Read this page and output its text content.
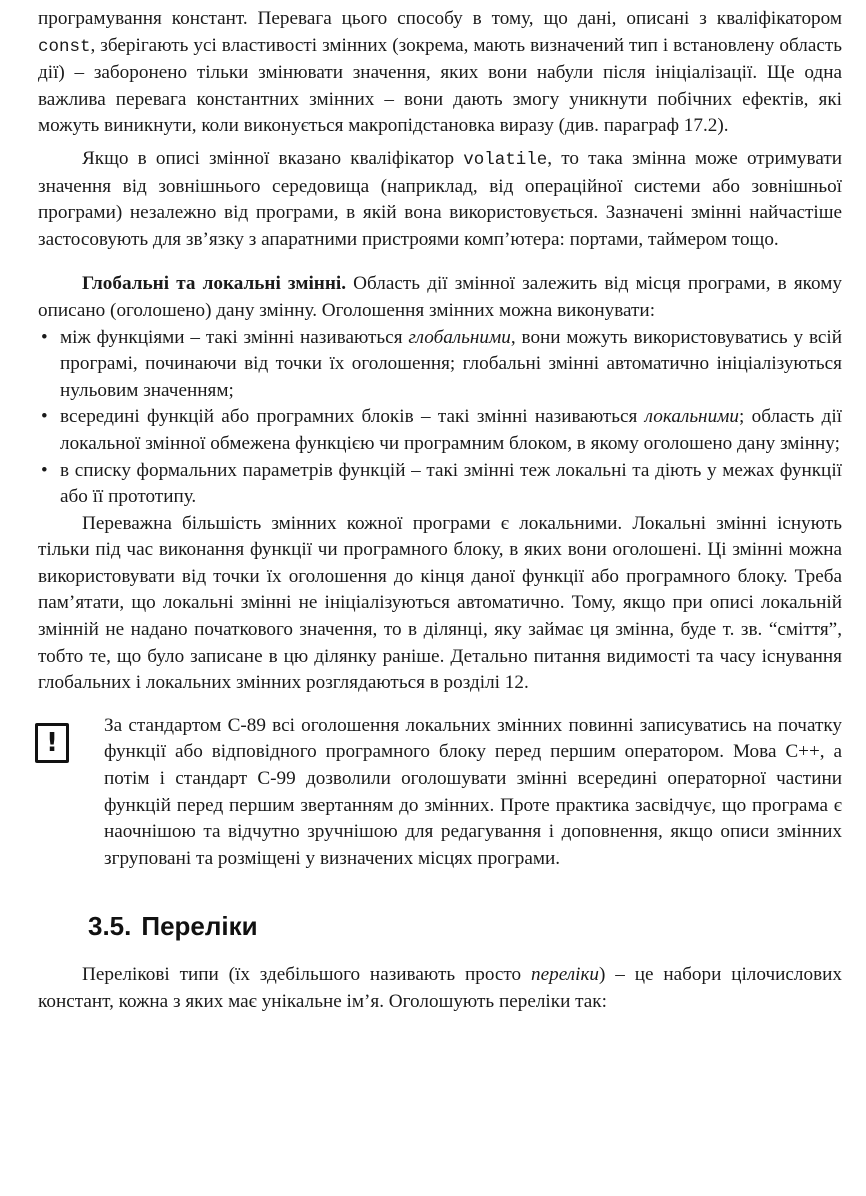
програмування констант. Перевага цього способу в тому, що дані, описані з кваліфікатором const, зберігають усі властивості змінних (зокрема, мають визначений тип і встановлену область дії) – заборонено тільки змінювати значення, яких вони набули після ініціалізації. Ще одна важлива перевага константних змінних – вони дають змогу уникнути побічних ефектів, які можуть виникнути, коли виконується макропідстановка виразу (див. параграф 17.2).

Якщо в описі змінної вказано кваліфікатор volatile, то така змінна може отримувати значення від зовнішнього середовища (наприклад, від операційної системи або зовнішньої програми) незалежно від програми, в якій вона використовується. Зазначені змінні найчастіше застосовують для зв’язку з апаратними пристроями комп’ютера: портами, таймером тощо.

Глобальні та локальні змінні. Область дії змінної залежить від місця програми, в якому описано (оголошено) дану змінну. Оголошення змінних можна виконувати:

• між функціями – такі змінні називаються глобальними, вони можуть використовуватись у всій програмі, починаючи від точки їх оголошення; глобальні змінні автоматично ініціалізуються нульовим значенням;
• всередині функцій або програмних блоків – такі змінні називаються локальними; область дії локальної змінної обмежена функцією чи програмним блоком, в якому оголошено дану змінну;
• в списку формальних параметрів функцій – такі змінні теж локальні та діють у межах функції або її прототипу.

Переважна більшість змінних кожної програми є локальними. Локальні змінні існують тільки під час виконання функції чи програмного блоку, в яких вони оголошені. Ці змінні можна використовувати від точки їх оголошення до кінця даної функції або програмного блоку. Треба пам’ятати, що локальні змінні не ініціалізуються автоматично. Тому, якщо при описі локальній змінній не надано початкового значення, то в ділянці, яку займає ця змінна, буде т. зв. “сміття”, тобто те, що було записане в цю ділянку раніше. Детально питання видимості та часу існування глобальних і локальних змінних розглядаються в розділі 12.

!

За стандартом C-89 всі оголошення локальних змінних повинні записуватись на початку функції або відповідного програмного блоку перед першим оператором. Мова C++, а потім і стандарт C-99 дозволили оголошувати змінні всередині операторної частини функцій перед першим звертанням до змінних. Проте практика засвідчує, що програма є наочнішою та відчутно зручнішою для редагування і доповнення, якщо описи змінних згруповані та розміщені у визначених місцях програми.

3.5. Переліки

Перелікові типи (їх здебільшого називають просто переліки) – це набори цілочислових констант, кожна з яких має унікальне ім’я. Оголошують переліки так:
